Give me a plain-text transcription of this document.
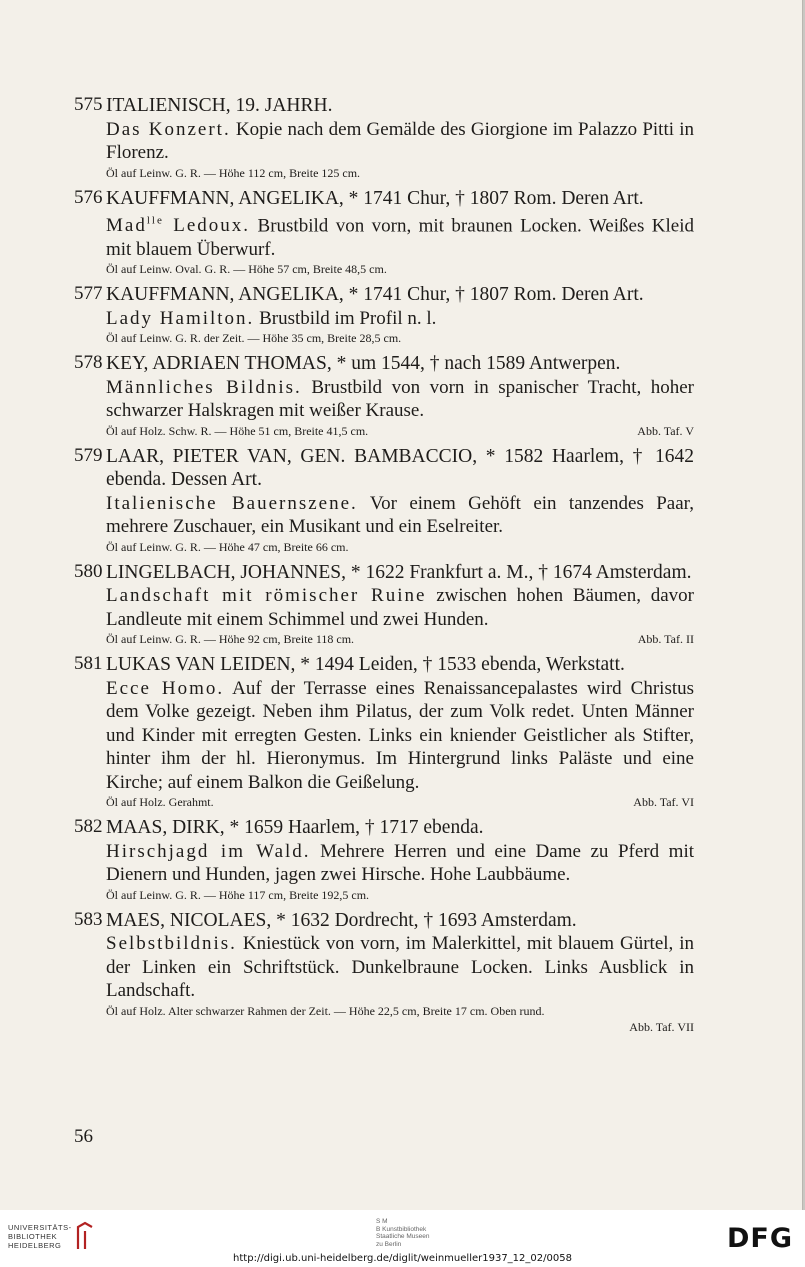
575 ITALIENISCH, 19. JAHRH.
Das Konzert. Kopie nach dem Gemälde des Giorgione im Palazzo Pitti in Florenz.
Öl auf Leinw. G. R. — Höhe 112 cm, Breite 125 cm.
576 KAUFFMANN, ANGELIKA, * 1741 Chur, † 1807 Rom. Deren Art.
Mad$^{lle}$ Ledoux. Brustbild von vorn, mit braunen Locken. Weißes Kleid mit blauem Überwurf.
Öl auf Leinw. Oval. G. R. — Höhe 57 cm, Breite 48,5 cm.
577 KAUFFMANN, ANGELIKA, * 1741 Chur, † 1807 Rom. Deren Art.
Lady Hamilton. Brustbild im Profil n. l.
Öl auf Leinw. G. R. der Zeit. — Höhe 35 cm, Breite 28,5 cm.
578 KEY, ADRIAEN THOMAS, * um 1544, † nach 1589 Antwerpen.
Männliches Bildnis. Brustbild von vorn in spanischer Tracht, hoher schwarzer Halskragen mit weißer Krause.
Öl auf Holz. Schw. R. — Höhe 51 cm, Breite 41,5 cm.	Abb. Taf. V
579 LAAR, PIETER VAN, GEN. BAMBACCIO, * 1582 Haarlem, † 1642 ebenda. Dessen Art.
Italienische Bauernszene. Vor einem Gehöft ein tanzendes Paar, mehrere Zuschauer, ein Musikant und ein Eselreiter.
Öl auf Leinw. G. R. — Höhe 47 cm, Breite 66 cm.
580 LINGELBACH, JOHANNES, * 1622 Frankfurt a. M., † 1674 Amsterdam.
Landschaft mit römischer Ruine zwischen hohen Bäumen, davor Landleute mit einem Schimmel und zwei Hunden.
Öl auf Leinw. G. R. — Höhe 92 cm, Breite 118 cm.	Abb. Taf. II
581 LUKAS VAN LEIDEN, * 1494 Leiden, † 1533 ebenda, Werkstatt.
Ecce Homo. Auf der Terrasse eines Renaissancepalastes wird Christus dem Volke gezeigt. Neben ihm Pilatus, der zum Volk redet. Unten Männer und Kinder mit erregten Gesten. Links ein kniender Geistlicher als Stifter, hinter ihm der hl. Hieronymus. Im Hintergrund links Paläste und eine Kirche; auf einem Balkon die Geißelung.
Öl auf Holz. Gerahmt.	Abb. Taf. VI
582 MAAS, DIRK, * 1659 Haarlem, † 1717 ebenda.
Hirschjagd im Wald. Mehrere Herren und eine Dame zu Pferd mit Dienern und Hunden, jagen zwei Hirsche. Hohe Laubbäume.
Öl auf Leinw. G. R. — Höhe 117 cm, Breite 192,5 cm.
583 MAES, NICOLAES, * 1632 Dordrecht, † 1693 Amsterdam.
Selbstbildnis. Kniestück von vorn, im Malerkittel, mit blauem Gürtel, in der Linken ein Schriftstück. Dunkelbraune Locken. Links Ausblick in Landschaft.
Öl auf Holz. Alter schwarzer Rahmen der Zeit. — Höhe 22,5 cm, Breite 17 cm. Oben rund.
Abb. Taf. VII
56
UNIVERSITÄTS-
BIBLIOTHEK
HEIDELBERG
S M
B Kunstbibliothek
Staatliche Museen
zu Berlin	DFG
http://digi.ub.uni-heidelberg.de/diglit/weinmueller1937_12_02/0058
